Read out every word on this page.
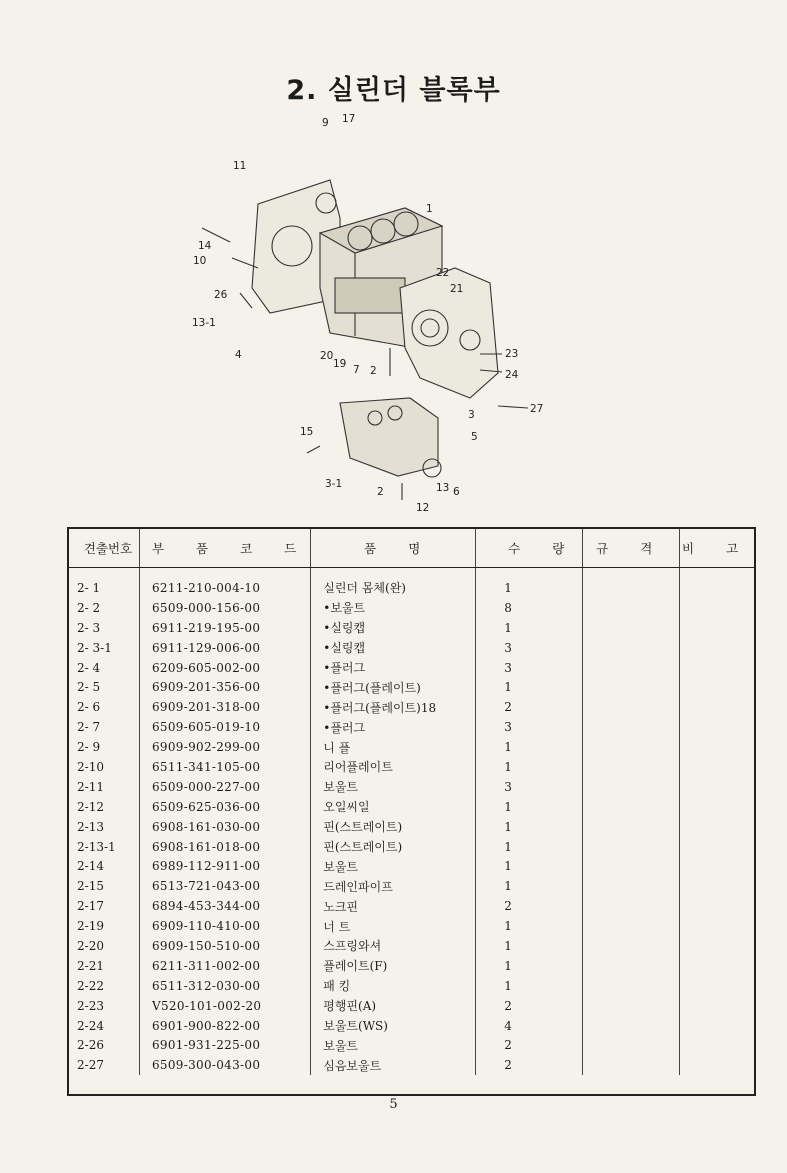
2. 실린더 블록부
9 17
11
1
14
10
22
26	21
13-1
4	20
19 7 2
23
24
27
3
15	5
3-1	13 6
2
12
견출번호	부 품 코 드	품 명	수 량	규 격	비 고
2- 1	6211-210-004-10	실린더 몸체(완)	1		
2- 2	6509-000-156-00	•보울트	8		
2- 3	6911-219-195-00	•실링캡	1		
2- 3-1	6911-129-006-00	•실링캡	3		
2- 4	6209-605-002-00	•플러그	3		
2- 5	6909-201-356-00	•플러그(플레이트)	1		
2- 6	6909-201-318-00	•플러그(플레이트)18	2		
2- 7	6509-605-019-10	•플러그	3		
2- 9	6909-902-299-00	니 플	1		
2-10	6511-341-105-00	리어플레이트	1		
2-11	6509-000-227-00	보울트	3		
2-12	6509-625-036-00	오일씨일	1		
2-13	6908-161-030-00	핀(스트레이트)	1		
2-13-1	6908-161-018-00	핀(스트레이트)	1		
2-14	6989-112-911-00	보울트	1		
2-15	6513-721-043-00	드레인파이프	1		
2-17	6894-453-344-00	노크핀	2		
2-19	6909-110-410-00	너 트	1		
2-20	6909-150-510-00	스프링와셔	1		
2-21	6211-311-002-00	플레이트(F)	1		
2-22	6511-312-030-00	패 킹	1		
2-23	V520-101-002-20	평행핀(A)	2		
2-24	6901-900-822-00	보울트(WS)	4		
2-26	6901-931-225-00	보울트	2		
2-27	6509-300-043-00	심음보울트	2		
5
